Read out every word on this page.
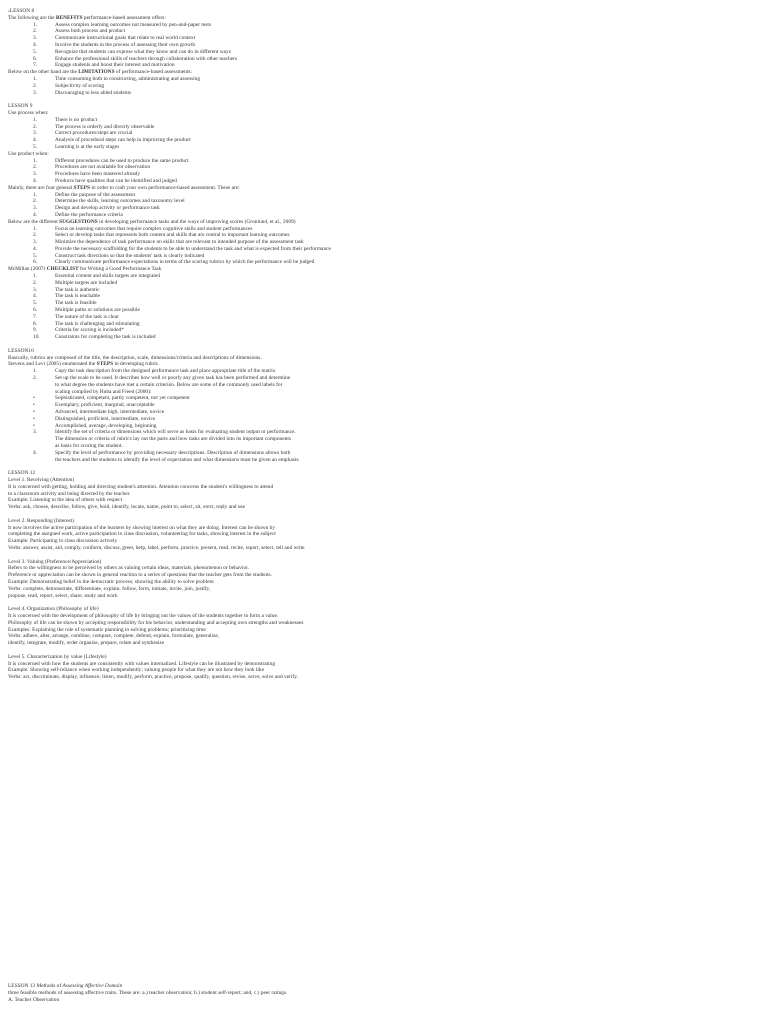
‹LESSON 8
The following are the BENEFITS performance-based assessment offers:
1.	Assess complex learning outcomes not measured by pen-and-paper tests
2.	Assess both process and product
3.	Communicate instructional goals that relate to real world context
4.	Involve the students in the process of assessing their own growth
5.	Recognize that students can express what they know and can do in different ways
6.	Enhance the professional skills of teachers through collaboration with other teachers
7.	Engage students and boost their interest and motivation
Below on the other hand are the LIMITATIONS of performance-based assessments:
1.	Time consuming both in constructing, administrating and assessing
2.	Subjectivity of scoring
3.	Discouraging to less abled students
LESSON 9
Use process when:
1.	There is no product
2.	The process is orderly and directly observable
3.	Correct procedures/steps are crucial
4.	Analysis of procedural steps can help in improving the product
5.	Learning is at the early stages
Use product when:
1.	Different procedures can be used to produce the same product
2.	Procedures are not available for observation
3.	Procedures have been mastered already
4.	Products have qualities that can be identified and judged
Mainly, there are four general STEPS in order to craft your own performance-based assessment. These are:
1.	Define the purpose of the assessment
2.	Determine the skills, learning outcomes and taxonomy level
3.	Design and develop activity or performance task
4.	Define the performance criteria
Below are the different SUGGESTIONS in developing performance tasks and the ways of improving scores (Gronlund, et al., 2009)
1.	Focus on learning outcomes that require complex cognitive skills and student performances
2.	Select or develop tasks that represents both content and skills that are central to important learning outcomes
3.	Minimize the dependence of task performance on skills that are relevant to intended purpose of the assessment task
4.	Provide the necessary scaffolding for the students to be able to understand the task and what is expected from their performance
5.	Construct task directions so that the students' task is clearly indicated
6.	Clearly communicate performance expectations in terms of the scoring rubrics by which the performance will be judged
McMillan (2007) CHECKLIST for Writing a Good Performance Task
1.	Essential content and skills targets are integrated
2.	Multiple targets are included
3.	The task is authentic
4.	The task is teachable
5.	The task is feasible
6.	Multiple paths or solutions are possible
7.	The nature of the task is clear
8.	The task is challenging and stimulating
9.	Criteria for scoring is included*
10.	Constraints for completing the task is included
LESSON10
Basically, rubrics are composed of the title, the description, scale, dimensions/criteria and descriptions of dimensions.
Stevens and Levi (2005) enumerated the STEPS in developing rubric.
1.	Copy the task description from the designed performance task and place appropriate title of the matrix
2.	Set up the scale to be used. It describes how well or poorly any given task has been performed and determine
to what degree the students have met a certain criterion. Below are some of the commonly used labels for
scaling compiled by Huba and Freed (2000):
•	Sophisticated, competent, partly competent, not yet competent
•	Exemplary, proficient, marginal, unacceptable
•	Advanced, intermediate high, intermediate, novice
•	Distinguished, proficient, intermediate, novice
•	Accomplished, average, developing, beginning
3.	Identify the set of criteria or dimensions which will serve as basis for evaluating student output or performance.
The dimension or criteria of rubrics lay out the parts and how tasks are divided into its important components
as basis for scoring the student.
4.	Specify the level of performance by providing necessary descriptions. Description of dimensions allows both
the teachers and the students to identify the level of expectation and what dimensions must be given an emphasis.
LESSON 12
Level 1. Receiving (Attention)
It is concerned with getting, holding and directing student's attention. Attention concerns the student's willingness to attend
to a classroom activity and being directed by the teacher.
Example: Listening to the idea of others with respect
Verbs: ask, choose, describe, follow, give, hold, identify, locate, name, point to, select, sit, erect, reply and use
Level 2. Responding (Interest)
It now involves the active participation of the learners by showing interest on what they are doing. Interest can be shown by
completing the assigned work, active participation in class discussion, volunteering for tasks, showing interest in the subject
Example: Participating in class discussion actively
Verbs: answer, assist, aid, comply, conform, discuss, greet, help, label, perform, practice, present, read, recite, report, select, tell and write
Level 3. Valuing (Preference/Appreciation)
Refers to the willingness to be perceived by others as valuing certain ideas, materials, phenomenon or behavior.
Preference or appreciation can be shown in general reaction to a series of questions that the teacher gets from the students.
Example: Demonstrating belief in the democratic process; showing the ability to solve problem
Verbs: complete, demonstrate, differentiate, explain, follow, form, initiate, invite, join, justify,
propose, read, report, select, share, study and work
Level 4. Organization (Philosophy of life)
It is concerned with the development of philosophy of life by bringing out the values of the students together to form a value.
Philosophy of life can be shown by accepting responsibility for his behavior, understanding and accepting own strengths and weaknesses
Examples: Explaining the role of systematic planning in solving problems; prioritizing time
Verbs: adhere, alter, arrange, combine, compare, complete, defend, explain, formulate, generalize,
identify, integrate, modify, order organize, prepare, relate and synthesize
Level 5. Characterization by value (Lifestyle)
It is concerned with how the students are consistently with values internalized. Lifestyle can be illustrated by demonstrating
Example: Showing self-reliance when working independently; valuing people for what they are not how they look like
Verbs: act, discriminate, display, influence, listen, modify, perform, practice, propose, qualify, question, revise, serve, solve and verify.
LESSON 13 Methods of Assessing Affective Domain
three feasible methods of assessing affective traits. These are: a.) teacher observation; b.) student self-report; and, c.) peer ratings.
A. Teacher Observation
